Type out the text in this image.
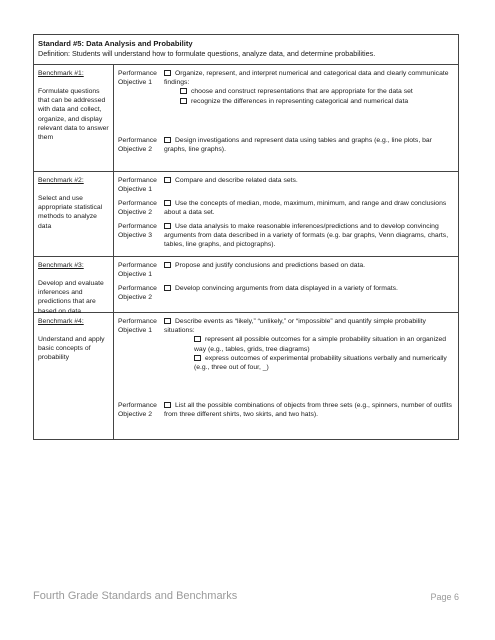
Standard #5: Data Analysis and Probability
Definition: Students will understand how to formulate questions, analyze data, and determine probabilities.
Benchmark #1:
Formulate questions that can be addressed with data and collect, organize, and display relevant data to answer them
Performance Objective 1
Organize, represent, and interpret numerical and categorical data and clearly communicate findings:
choose and construct representations that are appropriate for the data set
recognize the differences in representing categorical and numerical data
Performance Objective 2
Design investigations and represent data using tables and graphs (e.g., line plots, bar graphs, line graphs).
Benchmark #2:
Select and use appropriate statistical methods to analyze data
Performance Objective 1
Compare and describe related data sets.
Performance Objective 2
Use the concepts of median, mode, maximum, minimum, and range and draw conclusions about a data set.
Performance Objective 3
Use data analysis to make reasonable inferences/predictions and to develop convincing arguments from data described in a variety of formats (e.g. bar graphs, Venn diagrams, charts, tables, line graphs, and pictographs).
Benchmark #3:
Develop and evaluate inferences and predictions that are based on data
Performance Objective 1
Propose and justify conclusions and predictions based on data.
Performance Objective 2
Develop convincing arguments from data displayed in a variety of formats.
Benchmark #4:
Understand and apply basic concepts of probability
Performance Objective 1
Describe events as “likely,” “unlikely,” or “impossible” and quantify simple probability situations:
represent all possible outcomes for a simple probability situation in an organized way (e.g., tables, grids, tree diagrams)
express outcomes of experimental probability situations verbally and numerically (e.g., three out of four, _)
Performance Objective 2
List all the possible combinations of objects from three sets (e.g., spinners, number of outfits from three different shirts, two skirts, and two hats).
Fourth Grade Standards and Benchmarks	Page 6
